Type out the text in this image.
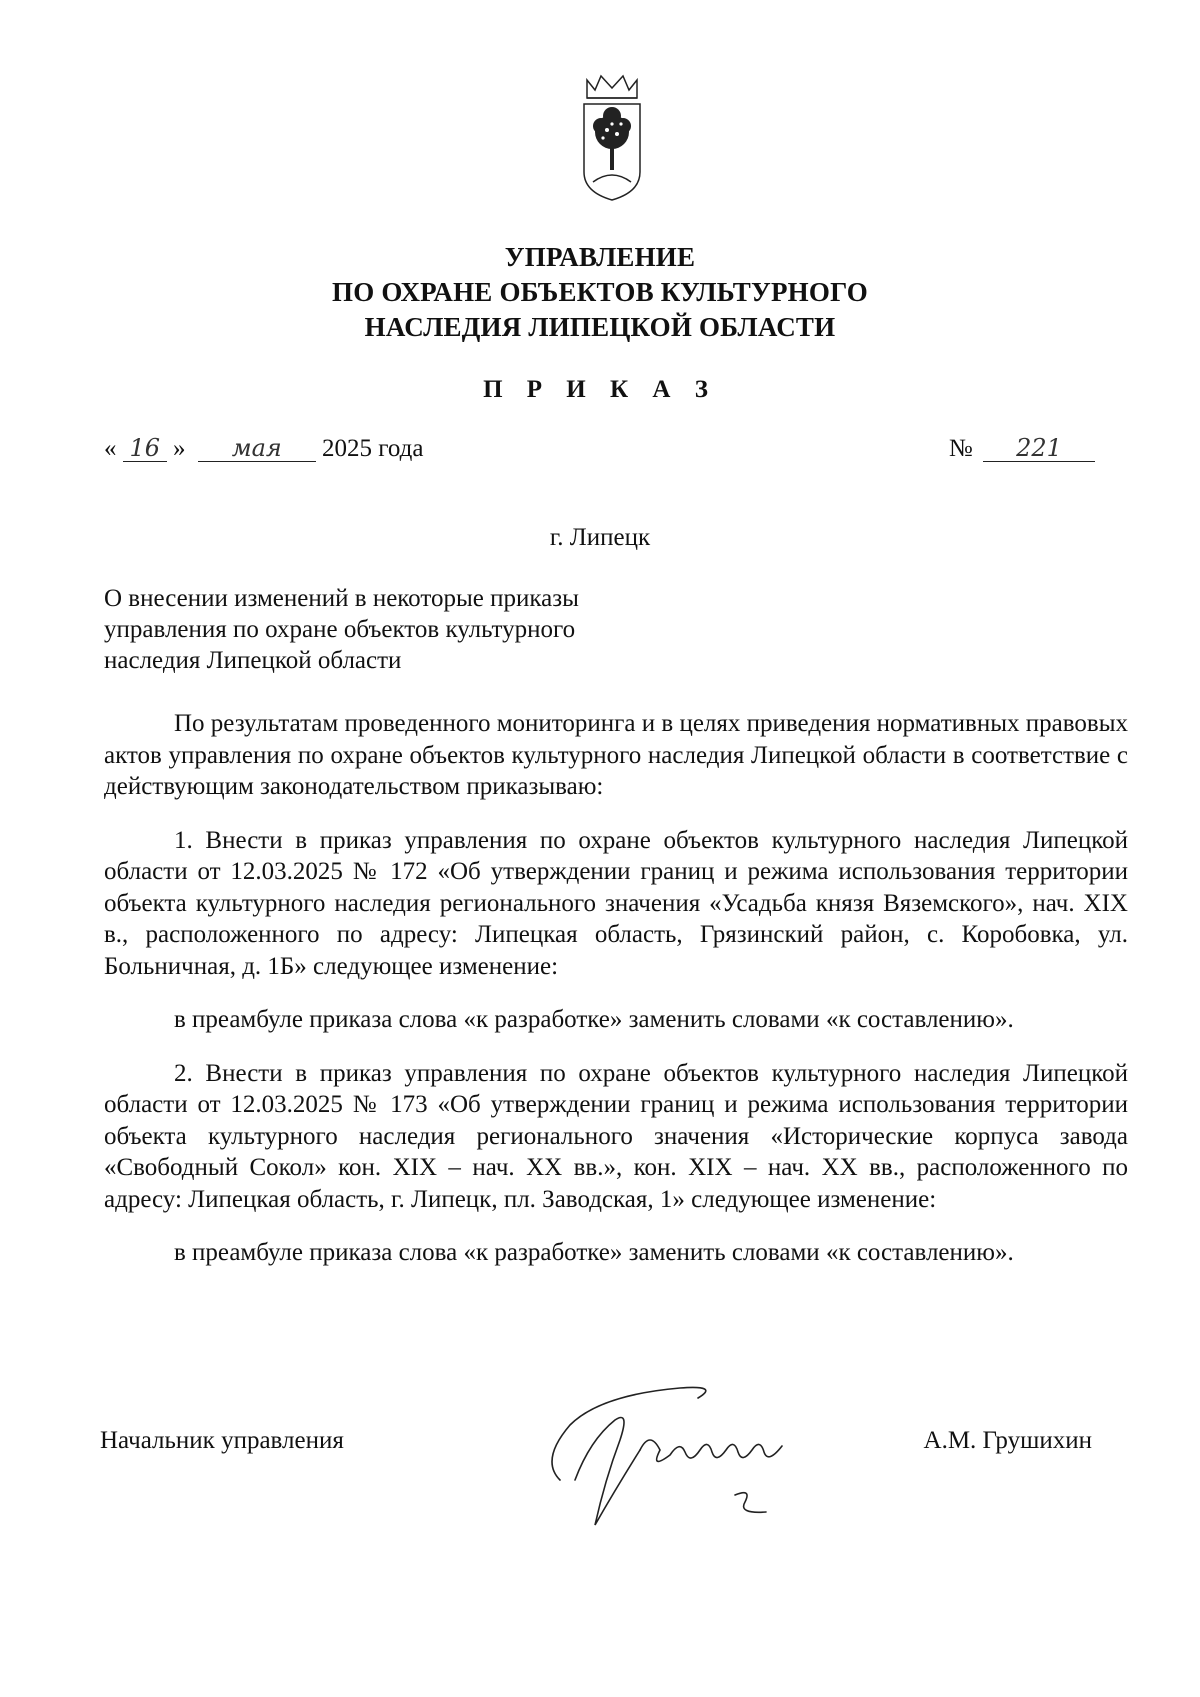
УПРАВЛЕНИЕ
ПО ОХРАНЕ ОБЪЕКТОВ КУЛЬТУРНОГО
НАСЛЕДИЯ ЛИПЕЦКОЙ ОБЛАСТИ
П Р И К А З
« 16 » мая 2025 года	№ 221
г. Липецк
О внесении изменений в некоторые приказы
управления по охране объектов культурного
наследия Липецкой области

По результатам проведенного мониторинга и в целях приведения нормативных правовых актов управления по охране объектов культурного наследия Липецкой области в соответствие с действующим законодательством приказываю:

1. Внести в приказ управления по охране объектов культурного наследия Липецкой области от 12.03.2025 № 172 «Об утверждении границ и режима использования территории объекта культурного наследия регионального значения «Усадьба князя Вяземского», нач. XIX в., расположенного по адресу: Липецкая область, Грязинский район, с. Коробовка, ул. Больничная, д. 1Б» следующее изменение:

в преамбуле приказа слова «к разработке» заменить словами «к составлению».

2. Внести в приказ управления по охране объектов культурного наследия Липецкой области от 12.03.2025 № 173 «Об утверждении границ и режима использования территории объекта культурного наследия регионального значения «Исторические корпуса завода «Свободный Сокол» кон. XIX – нач. XX вв.», кон. XIX – нач. XX вв., расположенного по адресу: Липецкая область, г. Липецк, пл. Заводская, 1» следующее изменение:

в преамбуле приказа слова «к разработке» заменить словами «к составлению».

Начальник управления	А.М. Грушихин
